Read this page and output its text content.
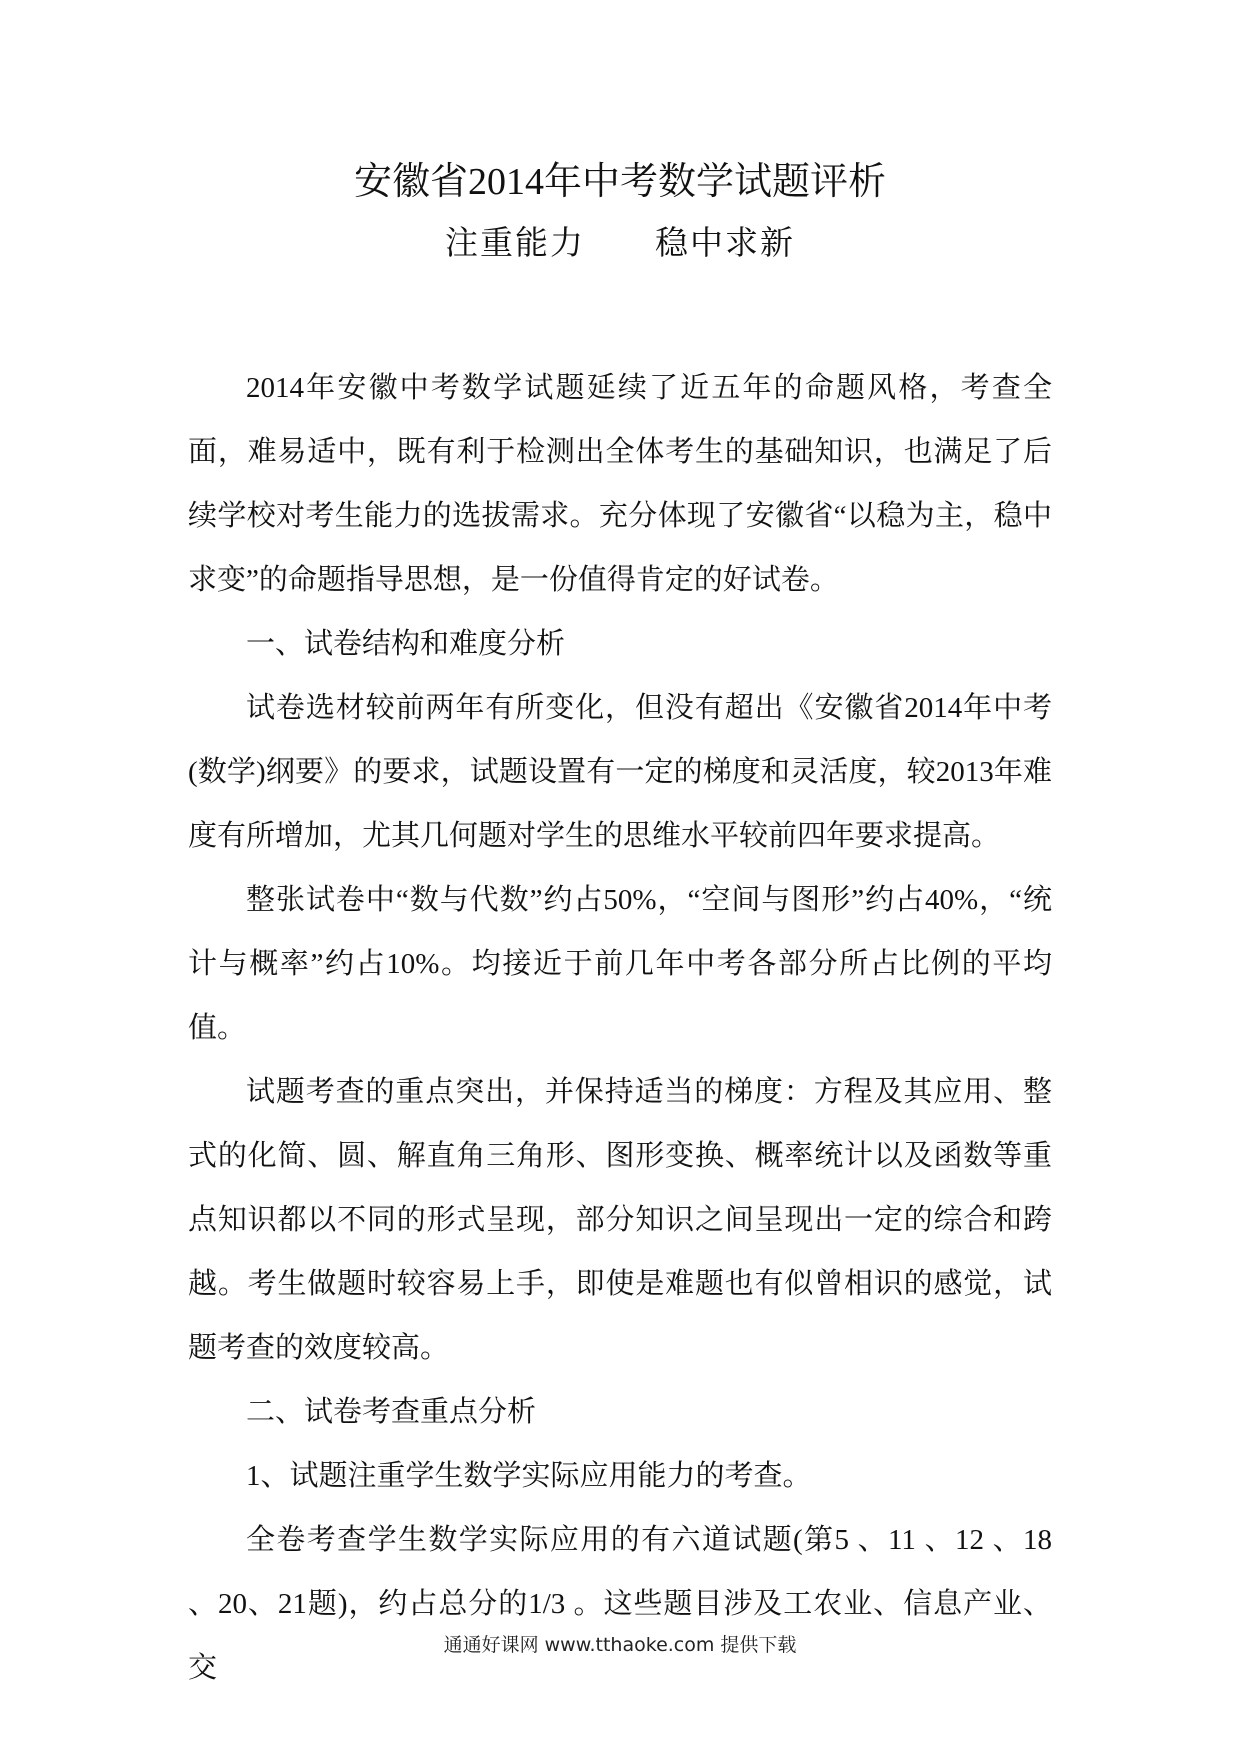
安徽省2014年中考数学试题评析
注重能力 稳中求新

2014年安徽中考数学试题延续了近五年的命题风格，考查全面，难易适中，既有利于检测出全体考生的基础知识，也满足了后续学校对考生能力的选拔需求。充分体现了安徽省“以稳为主，稳中求变”的命题指导思想，是一份值得肯定的好试卷。

一、试卷结构和难度分析

试卷选材较前两年有所变化，但没有超出《安徽省2014年中考(数学)纲要》的要求，试题设置有一定的梯度和灵活度，较2013年难度有所增加，尤其几何题对学生的思维水平较前四年要求提高。

整张试卷中“数与代数”约占50%，“空间与图形”约占40%，“统计与概率”约占10%。均接近于前几年中考各部分所占比例的平均值。

试题考查的重点突出，并保持适当的梯度：方程及其应用、整式的化简、圆、解直角三角形、图形变换、概率统计以及函数等重点知识都以不同的形式呈现，部分知识之间呈现出一定的综合和跨越。考生做题时较容易上手，即使是难题也有似曾相识的感觉，试题考查的效度较高。

二、试卷考查重点分析

1、试题注重学生数学实际应用能力的考查。

全卷考查学生数学实际应用的有六道试题(第5 、11 、12 、18 、20、21题)，约占总分的1/3 。这些题目涉及工农业、信息产业、交

通通好课网 www.tthaoke.com 提供下载
